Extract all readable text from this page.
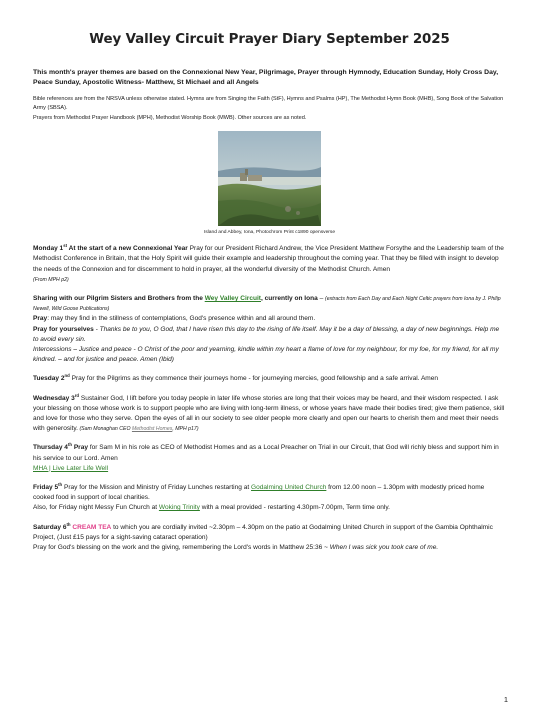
Wey Valley Circuit Prayer Diary September 2025
This month's prayer themes are based on the Connexional New Year, Pilgrimage, Prayer through Hymnody, Education Sunday, Holy Cross Day, Peace Sunday, Apostolic Witness- Matthew, St Michael and all Angels
Bible references are from the NRSVA unless otherwise stated. Hymns are from Singing the Faith (StF), Hymns and Psalms (HP), The Methodist Hymn Book (MHB), Song Book of the Salvation Army (SBSA).
Prayers from Methodist Prayer Handbook (MPH), Methodist Worship Book (MWB). Other sources are as noted.
Island and Abbey, Iona, Photochrom Print c1890 opensverse
Monday 1st At the start of a new Connexional Year Pray for our President Richard Andrew, the Vice President Matthew Forsythe and the Leadership team of the Methodist Conference in Britain, that the Holy Spirit will guide their example and leadership throughout the coming year. That they be filled with insight to develop the needs of the Connexion and for discernment to hold in prayer, all the wonderful diversity of the Methodist Church. Amen
(From MPH p2)
Sharing with our Pilgrim Sisters and Brothers from the Wey Valley Circuit, currently on Iona – (extracts from Each Day and Each Night Celtic prayers from Iona by J. Philip Newell, Wild Goose Publications)
Pray: may they find in the stillness of contemplations, God's presence within and all around them.
Pray for yourselves - Thanks be to you, O God, that I have risen this day to the rising of life itself. May it be a day of blessing, a day of new beginnings. Help me to avoid every sin.
Intercessions – Justice and peace - O Christ of the poor and yearning, kindle within my heart a flame of love for my neighbour, for my foe, for my friend, for all my kindred. – and for justice and peace. Amen (Ibid)
Tuesday 2nd Pray for the Pilgrims as they commence their journeys home - for journeying mercies, good fellowship and a safe arrival. Amen
Wednesday 3rd Sustainer God, I lift before you today people in later life whose stories are long that their voices may be heard, and their wisdom respected. I ask your blessing on those whose work is to support people who are living with long-term illness, or whose years have made their bodies tired; give them patience, skill and love for those who they serve. Open the eyes of all in our society to see older people more clearly and open our hearts to cherish them and meet their needs with generosity. (Sam Monaghan CEO Methodist Homes, MPH p17)
Thursday 4th Pray for Sam M in his role as CEO of Methodist Homes and as a Local Preacher on Trial in our Circuit, that God will richly bless and support him in his service to our Lord. Amen
MHA | Live Later Life Well
Friday 5th Pray for the Mission and Ministry of Friday Lunches restarting at Godalming United Church from 12.00 noon – 1.30pm with modestly priced home cooked food in support of local charities.
Also, for Friday night Messy Fun Church at Woking Trinity with a meal provided - restarting 4.30pm-7.00pm, Term time only.
Saturday 6th CREAM TEA to which you are cordially invited ~2.30pm – 4.30pm on the patio at Godalming United Church in support of the Gambia Ophthalmic Project, (Just £15 pays for a sight-saving cataract operation)
Pray for God's blessing on the work and the giving, remembering the Lord's words in Matthew 25:36 ~ When I was sick you took care of me.
1
